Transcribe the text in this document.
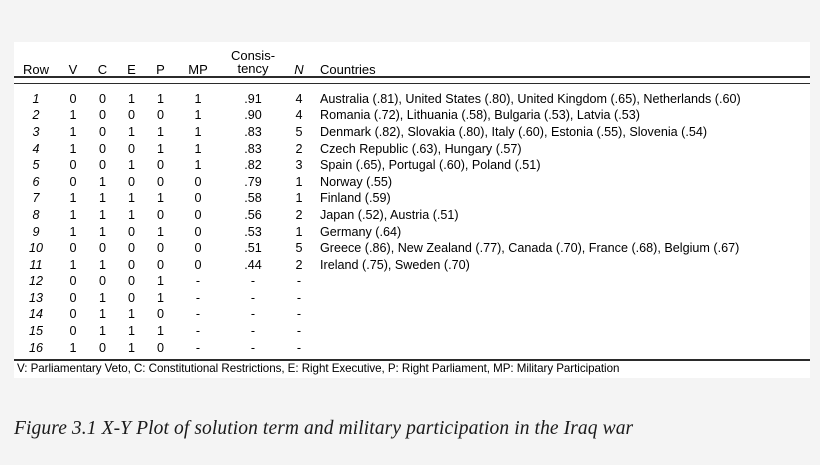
Row	V	C	E	P	MP	Consis-
tency	N	Countries

1	0	0	1	1	1	.91	4	Australia (.81), United States (.80), United Kingdom (.65), Netherlands (.60)
2	1	0	0	0	1	.90	4	Romania (.72), Lithuania (.58), Bulgaria (.53), Latvia (.53)
3	1	0	1	1	1	.83	5	Denmark (.82), Slovakia (.80), Italy (.60), Estonia (.55), Slovenia (.54)
4	1	0	0	1	1	.83	2	Czech Republic (.63), Hungary (.57)
5	0	0	1	0	1	.82	3	Spain (.65), Portugal (.60), Poland (.51)
6	0	1	0	0	0	.79	1	Norway (.55)
7	1	1	1	1	0	.58	1	Finland (.59)
8	1	1	1	0	0	.56	2	Japan (.52), Austria (.51)
9	1	1	0	1	0	.53	1	Germany (.64)
10	0	0	0	0	0	.51	5	Greece (.86), New Zealand (.77), Canada (.70), France (.68), Belgium (.67)
11	1	1	0	0	0	.44	2	Ireland (.75), Sweden (.70)
12	0	0	0	1	-	-	-	
13	0	1	0	1	-	-	-	
14	0	1	1	0	-	-	-	
15	0	1	1	1	-	-	-	
16	1	0	1	0	-	-	-	

V: Parliamentary Veto, C: Constitutional Restrictions, E: Right Executive, P: Right Parliament, MP: Military Participation
Figure 3.1 X-Y Plot of solution term and military participation in the Iraq war
